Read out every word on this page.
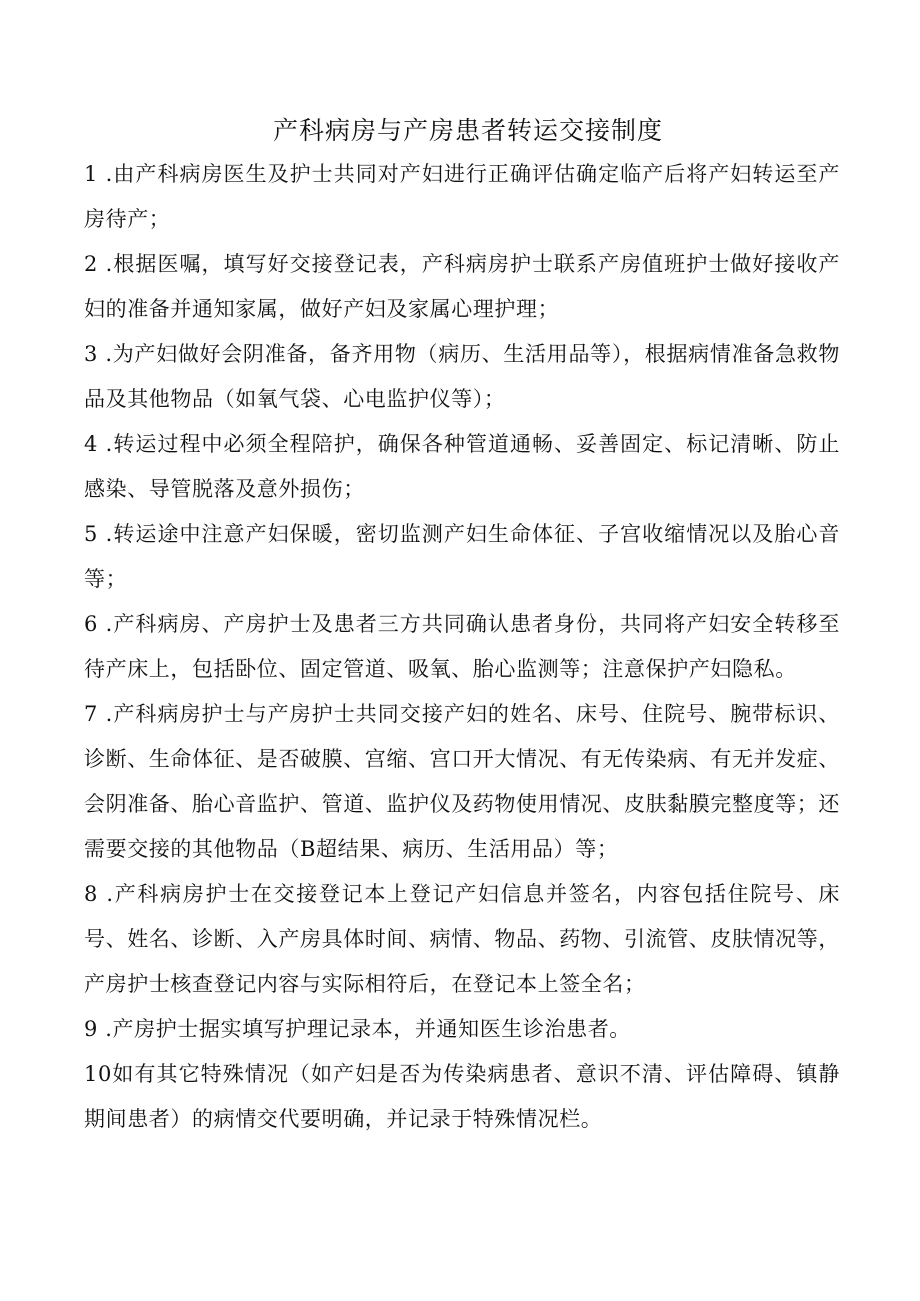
产科病房与产房患者转运交接制度
1 .由产科病房医生及护士共同对产妇进行正确评估确定临产后将产妇转运至产房待产；
2 .根据医嘱，填写好交接登记表，产科病房护士联系产房值班护士做好接收产妇的准备并通知家属，做好产妇及家属心理护理；
3 .为产妇做好会阴准备，备齐用物（病历、生活用品等），根据病情准备急救物品及其他物品（如氧气袋、心电监护仪等）；
4 .转运过程中必须全程陪护，确保各种管道通畅、妥善固定、标记清晰、防止感染、导管脱落及意外损伤；
5 .转运途中注意产妇保暖，密切监测产妇生命体征、子宫收缩情况以及胎心音等；
6 .产科病房、产房护士及患者三方共同确认患者身份，共同将产妇安全转移至待产床上，包括卧位、固定管道、吸氧、胎心监测等；注意保护产妇隐私。
7 .产科病房护士与产房护士共同交接产妇的姓名、床号、住院号、腕带标识、诊断、生命体征、是否破膜、宫缩、宫口开大情况、有无传染病、有无并发症、会阴准备、胎心音监护、管道、监护仪及药物使用情况、皮肤黏膜完整度等；还需要交接的其他物品（B超结果、病历、生活用品）等；
8 .产科病房护士在交接登记本上登记产妇信息并签名，内容包括住院号、床号、姓名、诊断、入产房具体时间、病情、物品、药物、引流管、皮肤情况等，产房护士核查登记内容与实际相符后，在登记本上签全名；
9 .产房护士据实填写护理记录本，并通知医生诊治患者。
10如有其它特殊情况（如产妇是否为传染病患者、意识不清、评估障碍、镇静期间患者）的病情交代要明确，并记录于特殊情况栏。
